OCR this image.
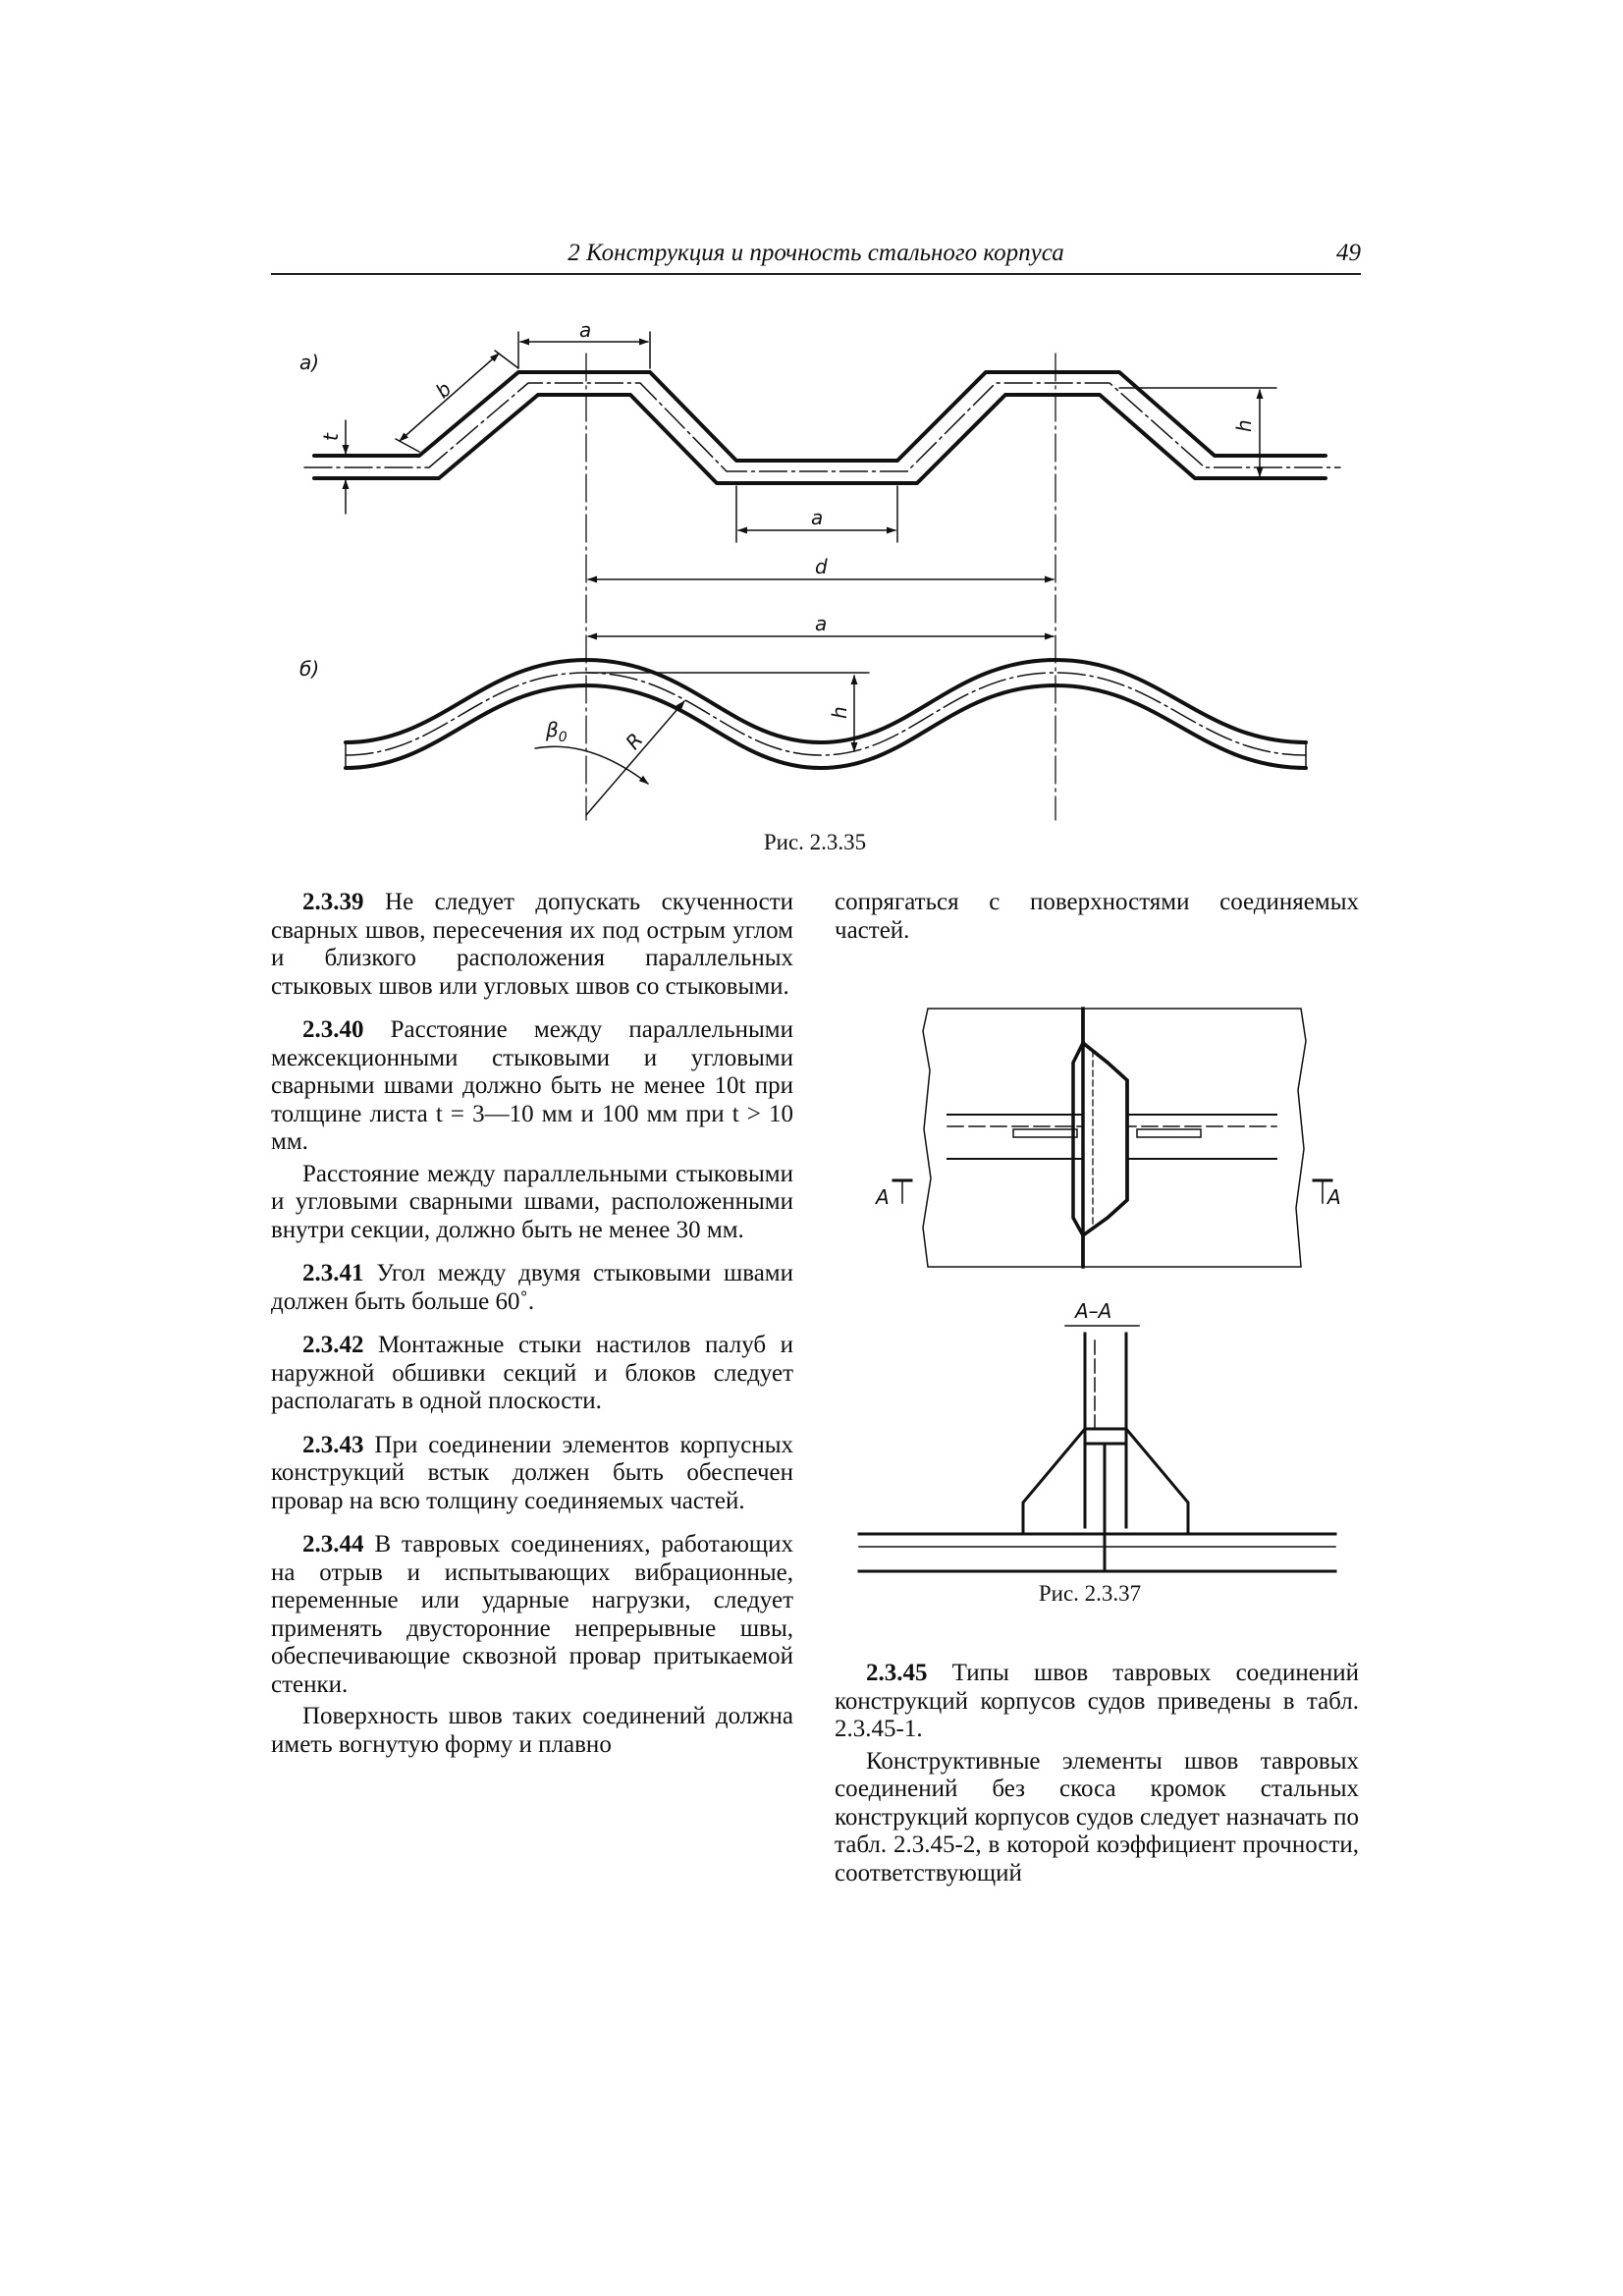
2 Конструкция и прочность стального корпуса	49
а)
б)
a
b
t
h
a
d
a
h
R
$\beta_0$
Рис. 2.3.35

2.3.39 Не следует допускать скученности сварных швов, пересечения их под острым углом и близкого расположения параллельных стыковых швов или угловых швов со стыковыми.

2.3.40 Расстояние между параллельными межсекционными стыковыми и угловыми сварными швами должно быть не менее 10t при толщине листа t = 3—10 мм и 100 мм при t > 10 мм.

Расстояние между параллельными стыковыми и угловыми сварными швами, расположенными внутри секции, должно быть не менее 30 мм.

2.3.41 Угол между двумя стыковыми швами должен быть больше 60˚.

2.3.42 Монтажные стыки настилов палуб и наружной обшивки секций и блоков следует располагать в одной плоскости.

2.3.43 При соединении элементов корпусных конструкций встык должен быть обеспечен провар на всю толщину соединяемых частей.

2.3.44 В тавровых соединениях, работающих на отрыв и испытывающих вибрационные, переменные или ударные нагрузки, следует применять двусторонние непрерывные швы, обеспечивающие сквозной провар притыкаемой стенки.

Поверхность швов таких соединений должна иметь вогнутую форму и плавно

сопрягаться с поверхностями соединяемых частей.

A	A
A–A
Рис. 2.3.37

2.3.45 Типы швов тавровых соединений конструкций корпусов судов приведены в табл. 2.3.45-1.

Конструктивные элементы швов тавровых соединений без скоса кромок стальных конструкций корпусов судов следует назначать по табл. 2.3.45-2, в которой коэффициент прочности, соответствующий
